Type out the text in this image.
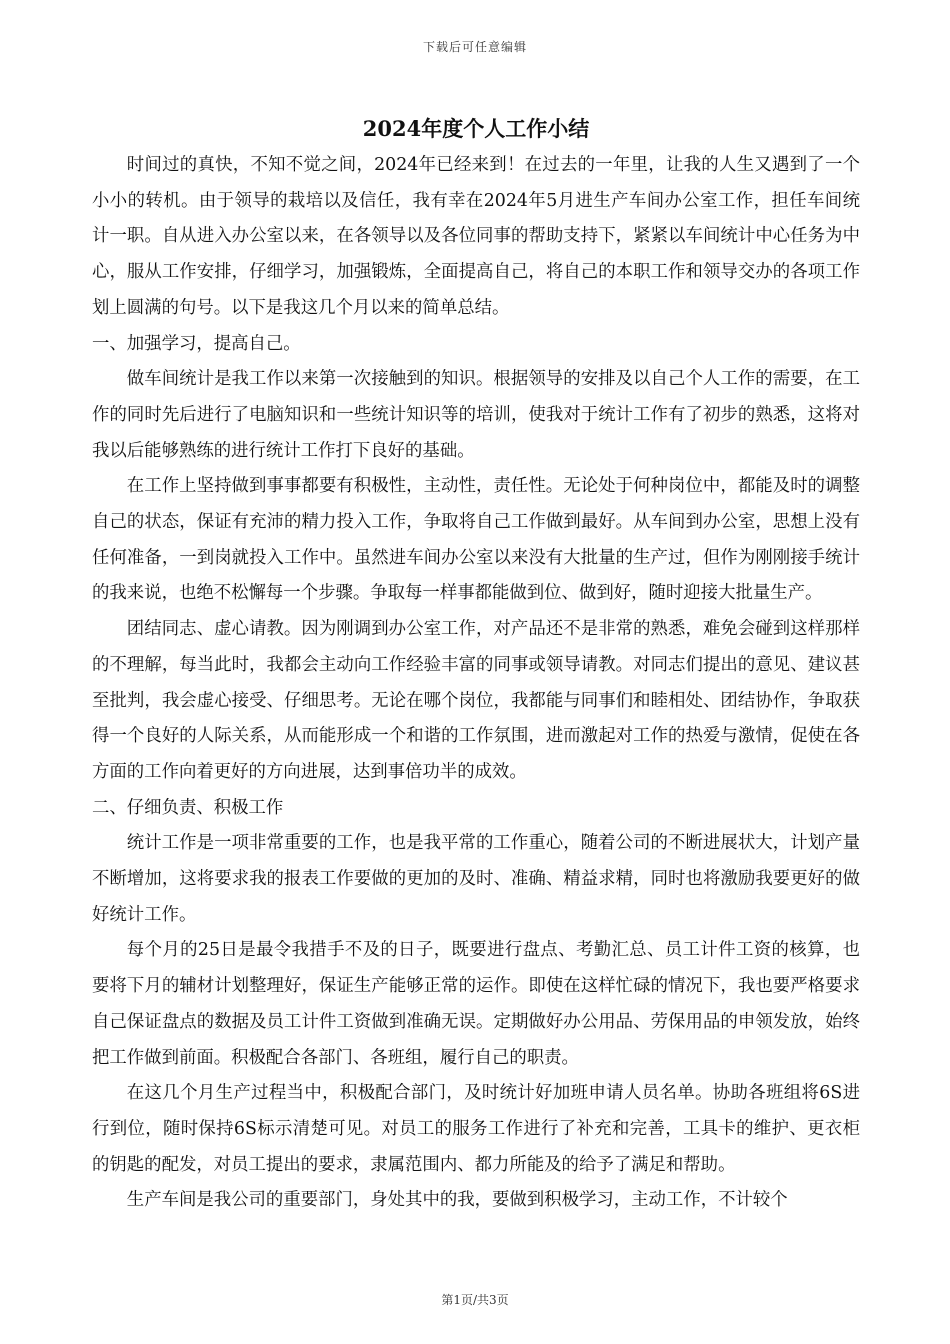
下载后可任意编辑
2024年度个人工作小结

时间过的真快，不知不觉之间，2024年已经来到！在过去的一年里，让我的人生又遇到了一个小小的转机。由于领导的栽培以及信任，我有幸在2024年5月进生产车间办公室工作，担任车间统计一职。自从进入办公室以来，在各领导以及各位同事的帮助支持下，紧紧以车间统计中心任务为中心，服从工作安排，仔细学习，加强锻炼，全面提高自己，将自己的本职工作和领导交办的各项工作划上圆满的句号。以下是我这几个月以来的简单总结。

一、加强学习，提高自己。

做车间统计是我工作以来第一次接触到的知识。根据领导的安排及以自己个人工作的需要，在工作的同时先后进行了电脑知识和一些统计知识等的培训，使我对于统计工作有了初步的熟悉，这将对我以后能够熟练的进行统计工作打下良好的基础。

在工作上坚持做到事事都要有积极性，主动性，责任性。无论处于何种岗位中，都能及时的调整自己的状态，保证有充沛的精力投入工作，争取将自己工作做到最好。从车间到办公室，思想上没有任何准备，一到岗就投入工作中。虽然进车间办公室以来没有大批量的生产过，但作为刚刚接手统计的我来说，也绝不松懈每一个步骤。争取每一样事都能做到位、做到好，随时迎接大批量生产。

团结同志、虚心请教。因为刚调到办公室工作，对产品还不是非常的熟悉，难免会碰到这样那样的不理解，每当此时，我都会主动向工作经验丰富的同事或领导请教。对同志们提出的意见、建议甚至批判，我会虚心接受、仔细思考。无论在哪个岗位，我都能与同事们和睦相处、团结协作，争取获得一个良好的人际关系，从而能形成一个和谐的工作氛围，进而激起对工作的热爱与激情，促使在各方面的工作向着更好的方向进展，达到事倍功半的成效。

二、仔细负责、积极工作

统计工作是一项非常重要的工作，也是我平常的工作重心，随着公司的不断进展状大，计划产量不断增加，这将要求我的报表工作要做的更加的及时、准确、精益求精，同时也将激励我要更好的做好统计工作。

每个月的25日是最令我措手不及的日子，既要进行盘点、考勤汇总、员工计件工资的核算，也要将下月的辅材计划整理好，保证生产能够正常的运作。即使在这样忙碌的情况下，我也要严格要求自己保证盘点的数据及员工计件工资做到准确无误。定期做好办公用品、劳保用品的申领发放，始终把工作做到前面。积极配合各部门、各班组，履行自己的职责。

在这几个月生产过程当中，积极配合部门，及时统计好加班申请人员名单。协助各班组将6S进行到位，随时保持6S标示清楚可见。对员工的服务工作进行了补充和完善，工具卡的维护、更衣柜的钥匙的配发，对员工提出的要求，隶属范围内、都力所能及的给予了满足和帮助。

生产车间是我公司的重要部门，身处其中的我，要做到积极学习，主动工作，不计较个

第1页/共3页
